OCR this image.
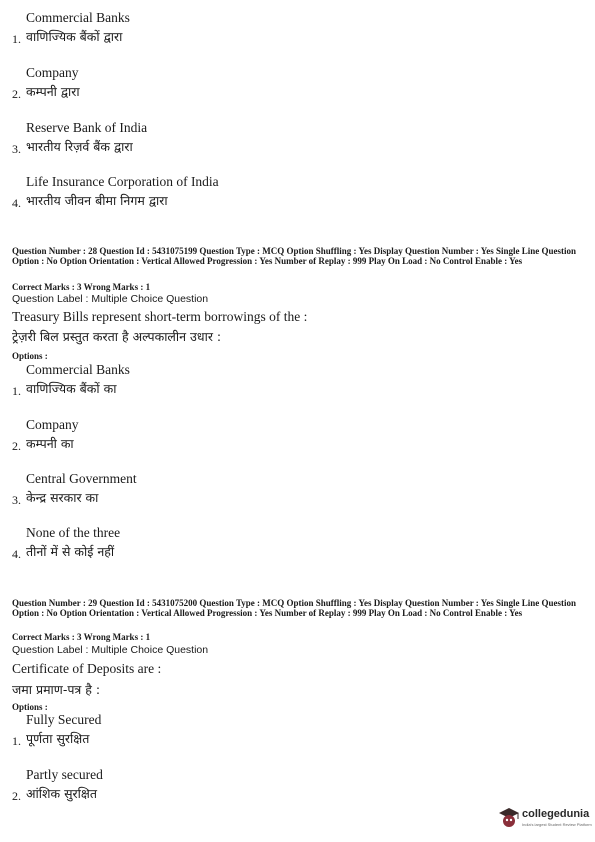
Commercial Banks
1. वाणिज्यिक बैंकों द्वारा
Company
2. कम्पनी द्वारा
Reserve Bank of India
3. भारतीय रिज़र्व बैंक द्वारा
Life Insurance Corporation of India
4. भारतीय जीवन बीमा निगम द्वारा
Question Number : 28 Question Id : 5431075199 Question Type : MCQ Option Shuffling : Yes Display Question Number : Yes Single Line Question Option : No Option Orientation : Vertical Allowed Progression : Yes Number of Replay : 999 Play On Load : No Control Enable : Yes
Correct Marks : 3 Wrong Marks : 1
Question Label : Multiple Choice Question
Treasury Bills represent short-term borrowings of the :
ट्रेज़री बिल प्रस्तुत करता है अल्पकालीन उधार :
Options :
Commercial Banks
1. वाणिज्यिक बैंकों का
Company
2. कम्पनी का
Central Government
3. केन्द्र सरकार का
None of the three
4. तीनों में से कोई नहीं
Question Number : 29 Question Id : 5431075200 Question Type : MCQ Option Shuffling : Yes Display Question Number : Yes Single Line Question Option : No Option Orientation : Vertical Allowed Progression : Yes Number of Replay : 999 Play On Load : No Control Enable : Yes
Correct Marks : 3 Wrong Marks : 1
Question Label : Multiple Choice Question
Certificate of Deposits are :
जमा प्रमाण-पत्र है :
Options :
Fully Secured
1. पूर्णता सुरक्षित
Partly secured
2. आंशिक सुरक्षित
collegedunia
India's largest Student Review Platform
